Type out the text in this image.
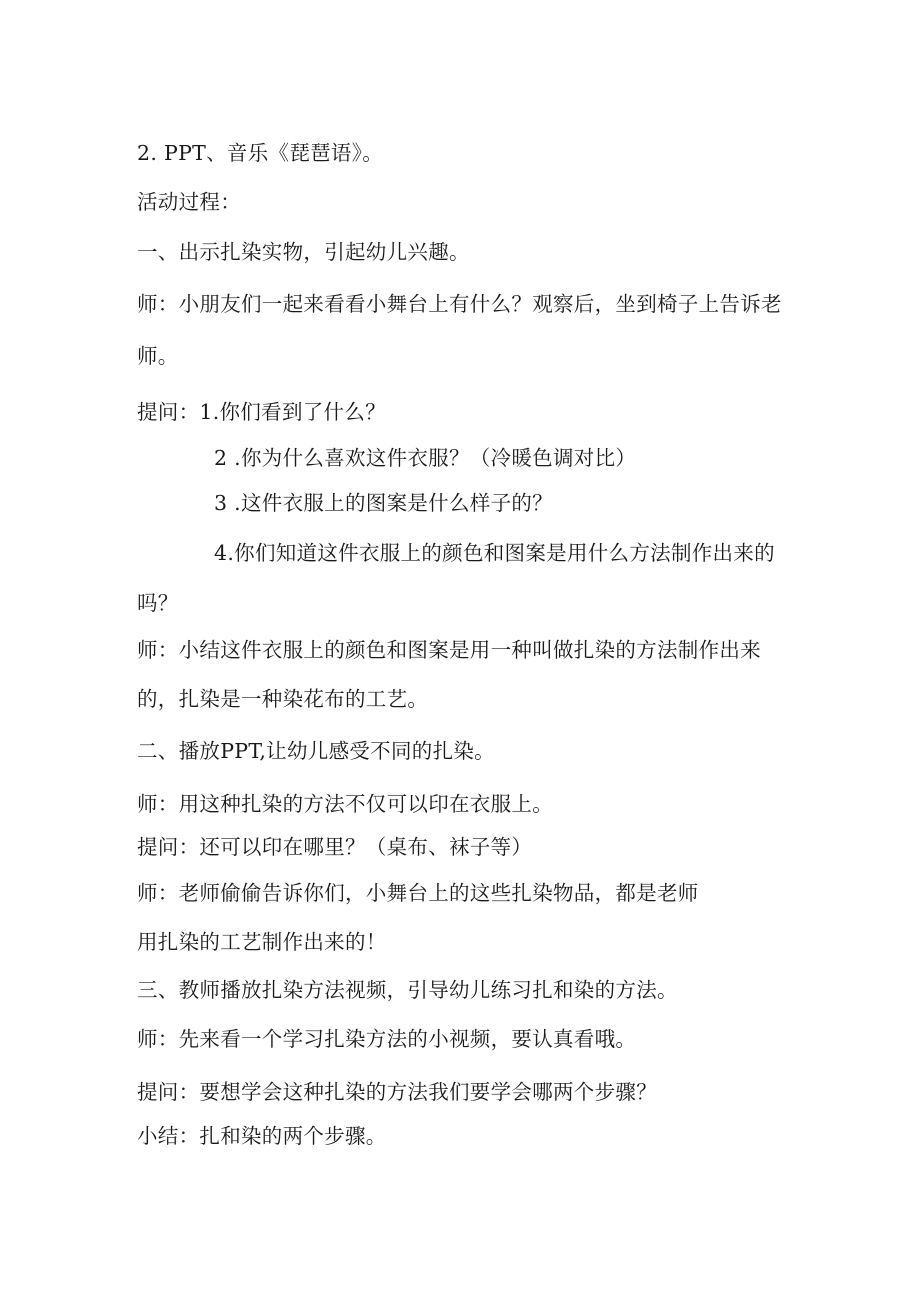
2. PPT、音乐《琵琶语》。
活动过程：
一、出示扎染实物，引起幼儿兴趣。
师：小朋友们一起来看看小舞台上有什么？观察后，坐到椅子上告诉老
师。
提问：1.你们看到了什么？
2 .你为什么喜欢这件衣服？（冷暖色调对比）
3 .这件衣服上的图案是什么样子的？
4.你们知道这件衣服上的颜色和图案是用什么方法制作出来的
吗？
师：小结这件衣服上的颜色和图案是用一种叫做扎染的方法制作出来
的，扎染是一种染花布的工艺。
二、播放PPT,让幼儿感受不同的扎染。
师：用这种扎染的方法不仅可以印在衣服上。
提问：还可以印在哪里？（桌布、袜子等）
师：老师偷偷告诉你们，小舞台上的这些扎染物品，都是老师
用扎染的工艺制作出来的！
三、教师播放扎染方法视频，引导幼儿练习扎和染的方法。
师：先来看一个学习扎染方法的小视频，要认真看哦。
提问：要想学会这种扎染的方法我们要学会哪两个步骤？
小结：扎和染的两个步骤。
